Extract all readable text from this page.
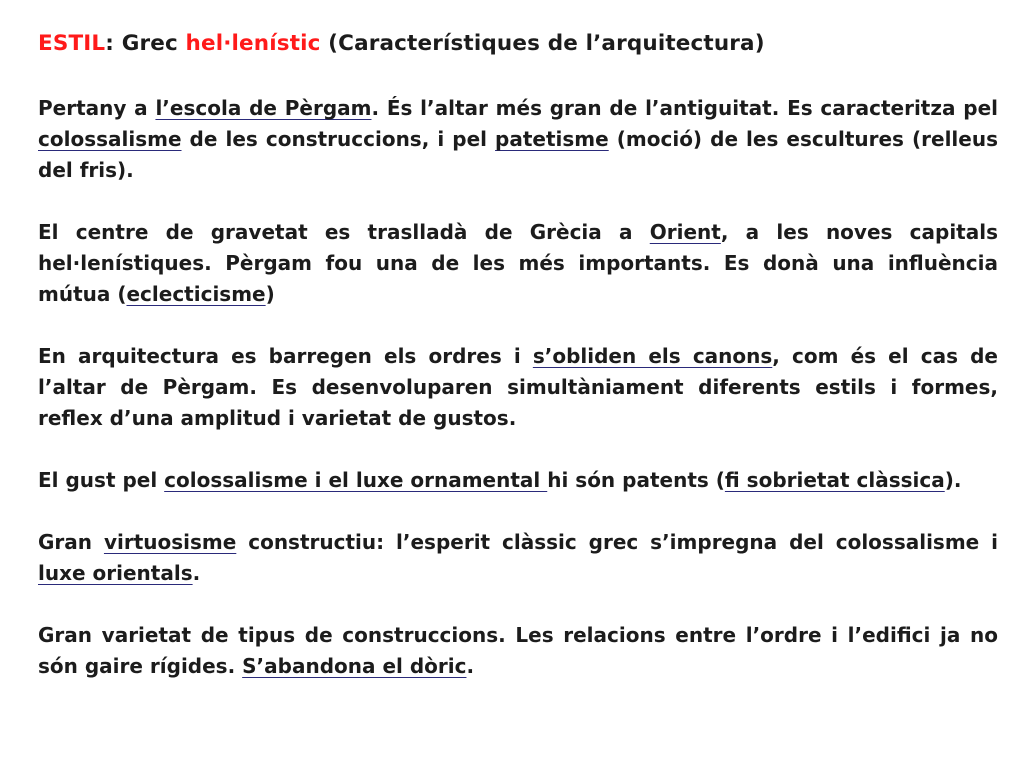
ESTIL: Grec hel·lenístic (Característiques de l’arquitectura)
Pertany a l’escola de Pèrgam. És l’altar més gran de l’antiguitat. Es caracteritza pel colossalisme de les construccions, i pel patetisme (moció) de les escultures (relleus del fris).
El centre de gravetat es traslladà de Grècia a Orient, a les noves capitals hel·lenístiques. Pèrgam fou una de les més importants. Es donà una influència mútua (eclecticisme)
En arquitectura es barregen els ordres i s’obliden els canons, com és el cas de l’altar de Pèrgam. Es desenvoluparen simultàniament diferents estils i formes, reflex d’una amplitud i varietat de gustos.
El gust pel colossalisme i el luxe ornamental hi són patents (fi sobrietat clàssica).
Gran virtuosisme constructiu: l’esperit clàssic grec s’impregna del colossalisme i luxe orientals.
Gran varietat de tipus de construccions. Les relacions entre l’ordre i l’edifici ja no són gaire rígides. S’abandona el dòric.
